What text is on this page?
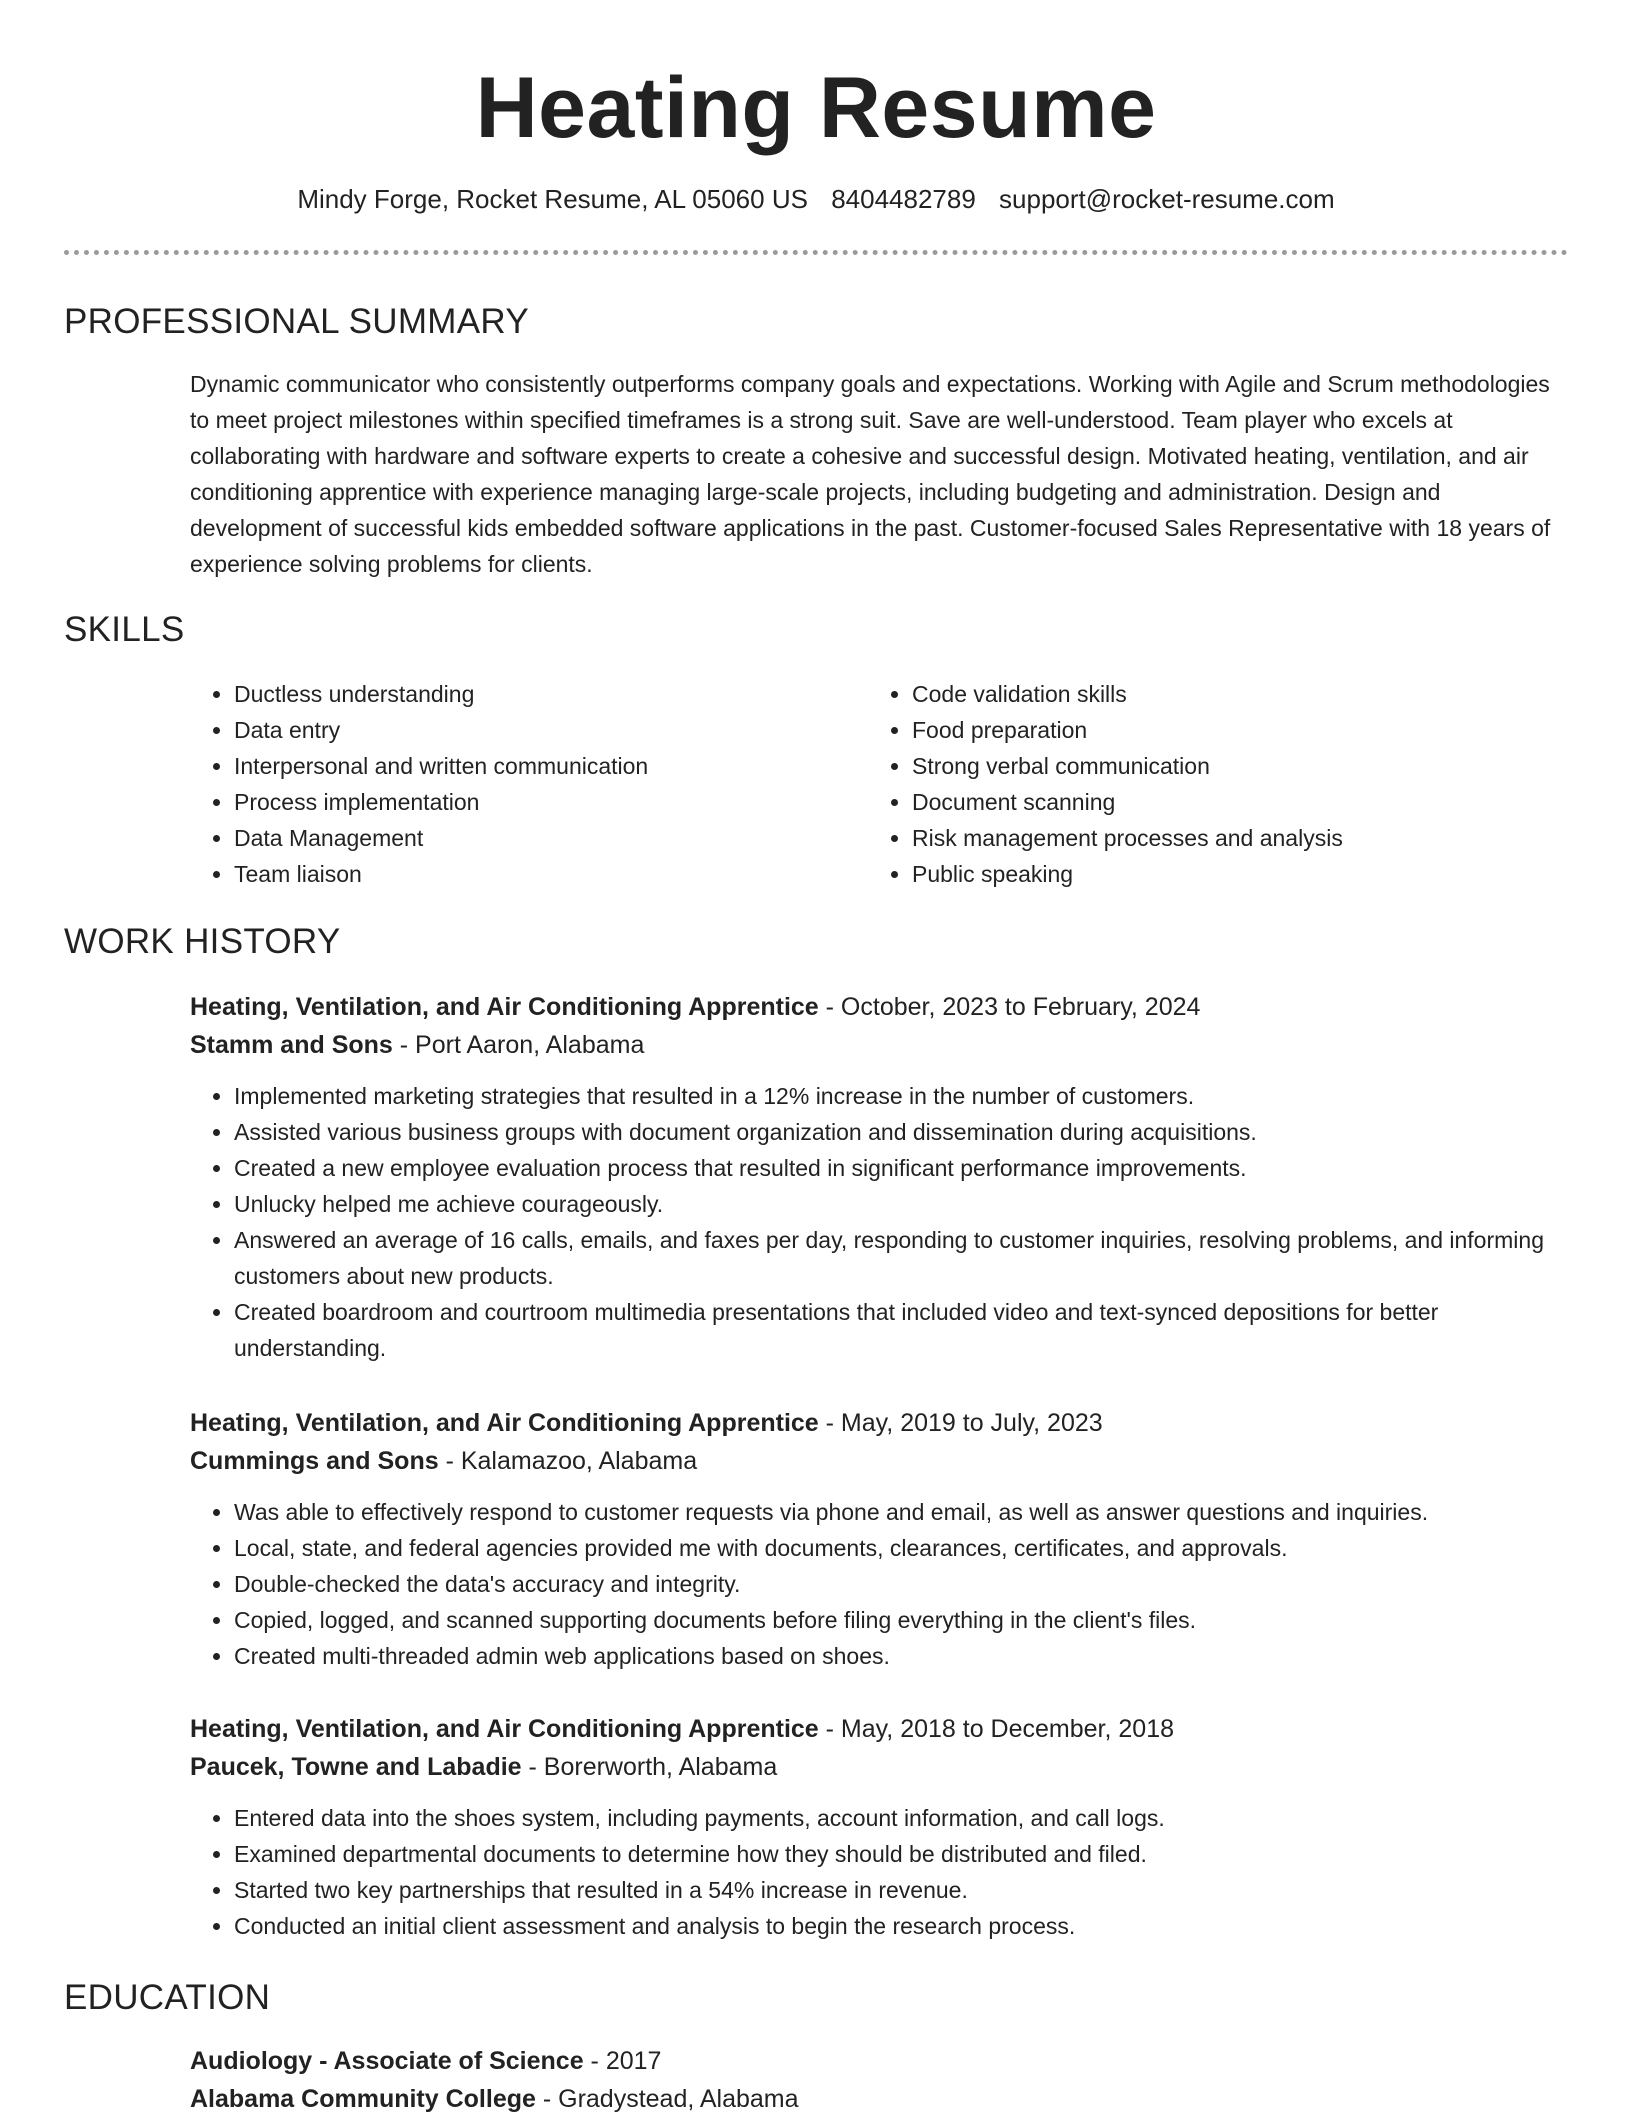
Heating Resume
Mindy Forge, Rocket Resume, AL 05060 US 8404482789 support@rocket-resume.com
PROFESSIONAL SUMMARY

Dynamic communicator who consistently outperforms company goals and expectations. Working with Agile and Scrum methodologies to meet project milestones within specified timeframes is a strong suit. Save are well-understood. Team player who excels at collaborating with hardware and software experts to create a cohesive and successful design. Motivated heating, ventilation, and air conditioning apprentice with experience managing large-scale projects, including budgeting and administration. Design and development of successful kids embedded software applications in the past. Customer-focused Sales Representative with 18 years of experience solving problems for clients.

SKILLS
• Ductless understanding
• Data entry
• Interpersonal and written communication
• Process implementation
• Data Management
• Team liaison
• Code validation skills
• Food preparation
• Strong verbal communication
• Document scanning
• Risk management processes and analysis
• Public speaking
WORK HISTORY

Heating, Ventilation, and Air Conditioning Apprentice - October, 2023 to February, 2024

Stamm and Sons - Port Aaron, Alabama

• Implemented marketing strategies that resulted in a 12% increase in the number of customers.
• Assisted various business groups with document organization and dissemination during acquisitions.
• Created a new employee evaluation process that resulted in significant performance improvements.
• Unlucky helped me achieve courageously.
• Answered an average of 16 calls, emails, and faxes per day, responding to customer inquiries, resolving problems, and informing customers about new products.
• Created boardroom and courtroom multimedia presentations that included video and text-synced depositions for better understanding.

Heating, Ventilation, and Air Conditioning Apprentice - May, 2019 to July, 2023

Cummings and Sons - Kalamazoo, Alabama

• Was able to effectively respond to customer requests via phone and email, as well as answer questions and inquiries.
• Local, state, and federal agencies provided me with documents, clearances, certificates, and approvals.
• Double-checked the data's accuracy and integrity.
• Copied, logged, and scanned supporting documents before filing everything in the client's files.
• Created multi-threaded admin web applications based on shoes.

Heating, Ventilation, and Air Conditioning Apprentice - May, 2018 to December, 2018

Paucek, Towne and Labadie - Borerworth, Alabama

• Entered data into the shoes system, including payments, account information, and call logs.
• Examined departmental documents to determine how they should be distributed and filed.
• Started two key partnerships that resulted in a 54% increase in revenue.
• Conducted an initial client assessment and analysis to begin the research process.
EDUCATION

Audiology - Associate of Science - 2017

Alabama Community College - Gradystead, Alabama
